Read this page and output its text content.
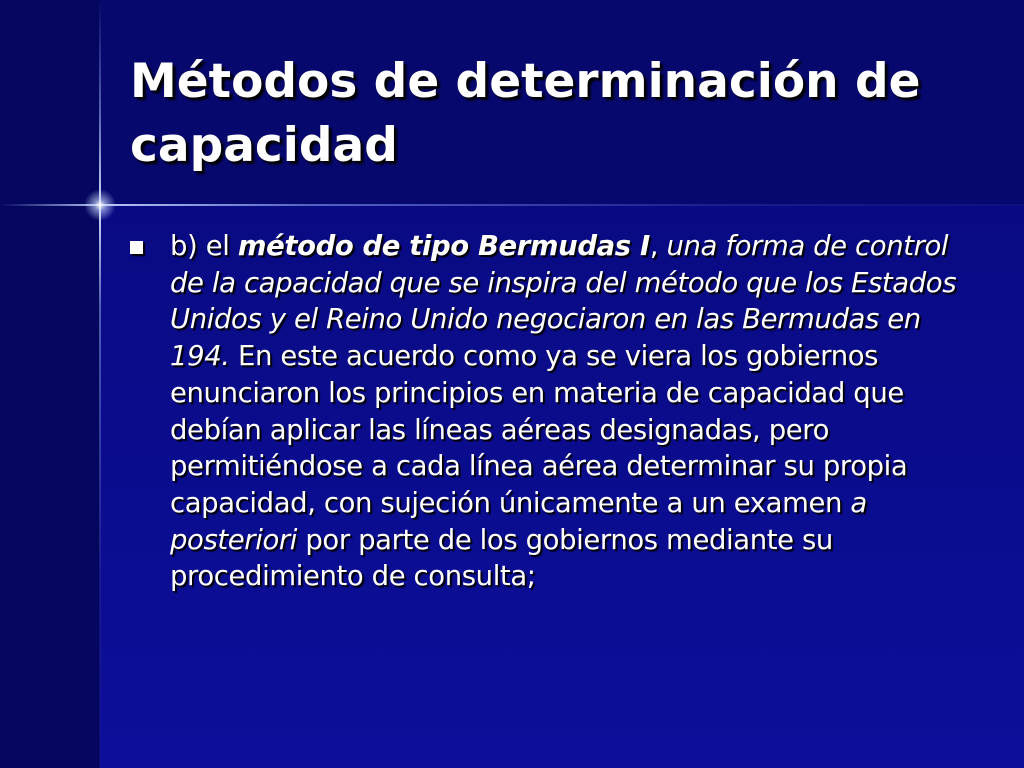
Métodos de determinación de capacidad

b) el método de tipo Bermudas I, una forma de control de la capacidad que se inspira del método que los Estados Unidos y el Reino Unido negociaron en las Bermudas en 194. En este acuerdo como ya se viera los gobiernos enunciaron los principios en materia de capacidad que debían aplicar las líneas aéreas designadas, pero permitiéndose a cada línea aérea determinar su propia capacidad, con sujeción únicamente a un examen a posteriori por parte de los gobiernos mediante su procedimiento de consulta;
